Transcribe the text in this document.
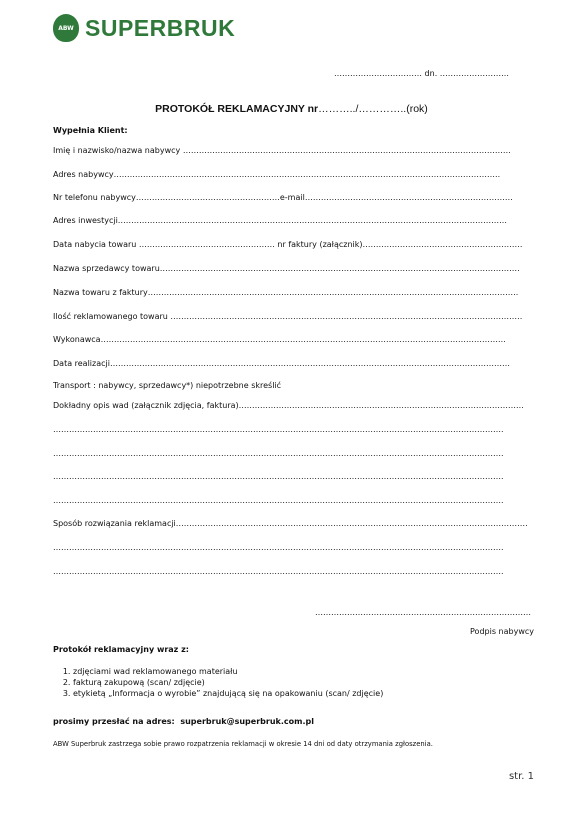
ABW SUPERBRUK
…………………………… dn. ……………………..
PROTOKÓŁ REKLAMACYJNY nr………../…………..(rok)
Wypełnia Klient:
Imię i nazwisko/nazwa nabywcy ……………………………………………………………………………………………………………
Adres nabywcy……………………………………………………………………………………………………………………………….
Nr telefonu nabywcy………………………………………………e-mail……………………………………………………………………
Adres inwestycji………………………………………………………………………………………………………………………………..
Data nabycia towaru …………………………………………… nr faktury (załącznik)……………………………………………………
Nazwa sprzedawcy towaru………………………………………………………………………………………………………………………
Nazwa towaru z faktury………………………………………………………………………………………………………………………….
Ilość reklamowanego towaru ……………………………………………………………………………………………………………………
Wykonawca……………………………………………………………………………………………………………………………………..
Data realizacji……………………………………………………………………………………………………………………………………
Transport : nabywcy, sprzedawcy*) niepotrzebne skreślić
Dokładny opis wad (załącznik zdjęcia, faktura)……………………………………………………………………………………………..
…………………………………………………………………………………………………………………………………………………….
…………………………………………………………………………………………………………………………………………………….
…………………………………………………………………………………………………………………………………………………….
…………………………………………………………………………………………………………………………………………………….
Sposób rozwiązania reklamacji……………………………………………………………………………………………………………………
…………………………………………………………………………………………………………………………………………………….
…………………………………………………………………………………………………………………………………………………….
………………………………………………………………………
Podpis nabywcy
Protokół reklamacyjny wraz z:
1. zdjęciami wad reklamowanego materiału
2. fakturą zakupową (scan/ zdjęcie)
3. etykietą „Informacja o wyrobie” znajdującą się na opakowaniu (scan/ zdjęcie)
prosimy przesłać na adres: superbruk@superbruk.com.pl
ABW Superbruk zastrzega sobie prawo rozpatrzenia reklamacji w okresie 14 dni od daty otrzymania zgłoszenia.
str. 1
